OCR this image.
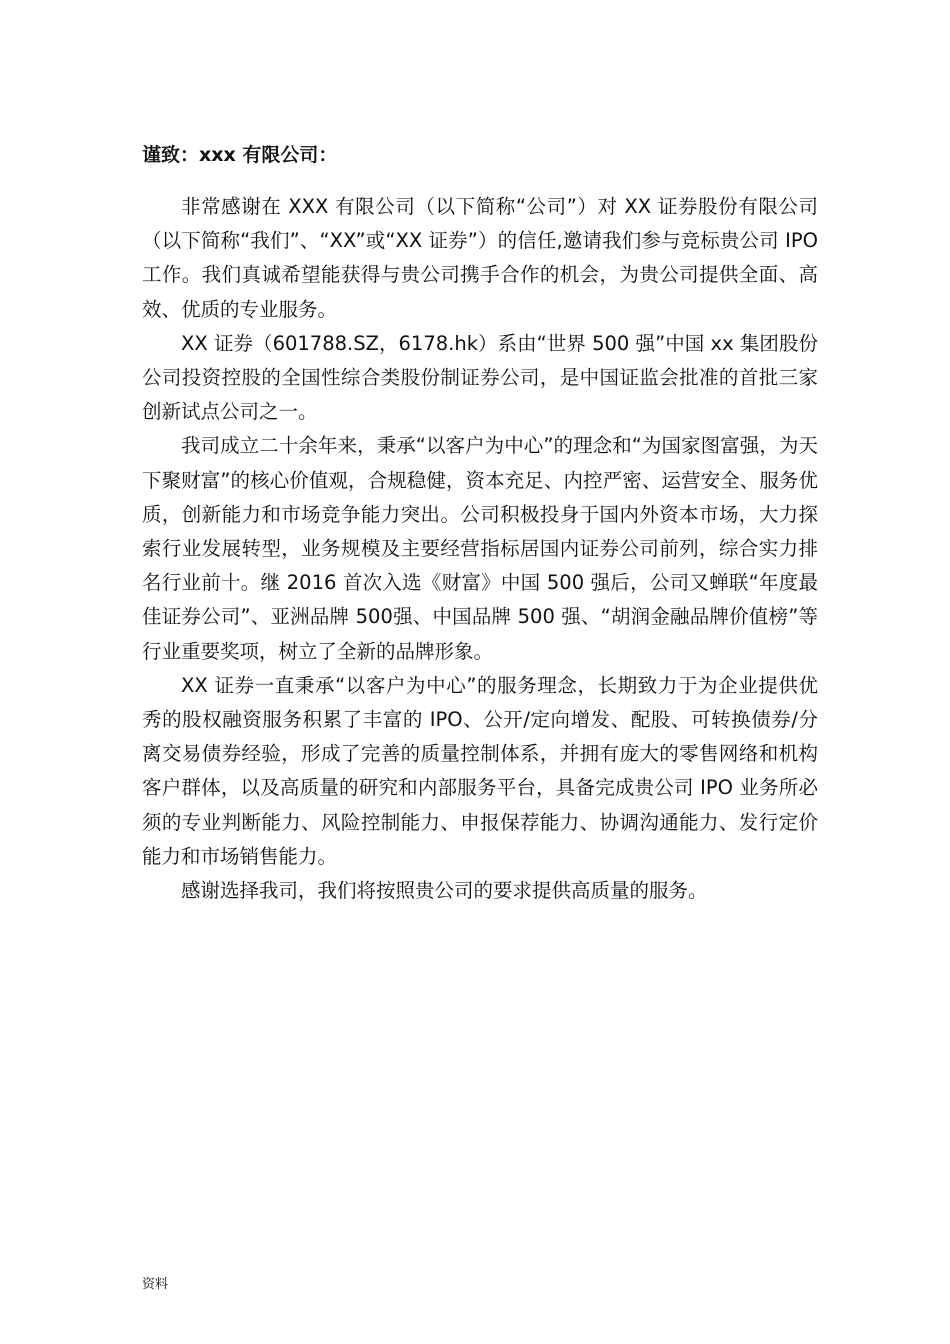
谨致：xxx 有限公司：

非常感谢在 XXX 有限公司（以下简称“公司”）对 XX 证券股份有限公司（以下简称“我们”、“XX”或“XX 证券”）的信任,邀请我们参与竞标贵公司 IPO 工作。我们真诚希望能获得与贵公司携手合作的机会，为贵公司提供全面、高效、优质的专业服务。

XX 证券（601788.SZ，6178.hk）系由“世界 500 强”中国 xx 集团股份公司投资控股的全国性综合类股份制证券公司，是中国证监会批准的首批三家创新试点公司之一。

我司成立二十余年来，秉承“以客户为中心”的理念和“为国家图富强，为天下聚财富”的核心价值观，合规稳健，资本充足、内控严密、运营安全、服务优质，创新能力和市场竞争能力突出。公司积极投身于国内外资本市场，大力探索行业发展转型，业务规模及主要经营指标居国内证券公司前列，综合实力排名行业前十。继 2016 首次入选《财富》中国 500 强后，公司又蝉联“年度最佳证券公司”、亚洲品牌 500强、中国品牌 500 强、“胡润金融品牌价值榜”等行业重要奖项，树立了全新的品牌形象。

XX 证券一直秉承“以客户为中心”的服务理念，长期致力于为企业提供优秀的股权融资服务积累了丰富的 IPO、公开/定向增发、配股、可转换债券/分离交易债券经验，形成了完善的质量控制体系，并拥有庞大的零售网络和机构客户群体，以及高质量的研究和内部服务平台，具备完成贵公司 IPO 业务所必须的专业判断能力、风险控制能力、申报保荐能力、协调沟通能力、发行定价能力和市场销售能力。

感谢选择我司，我们将按照贵公司的要求提供高质量的服务。

资料
